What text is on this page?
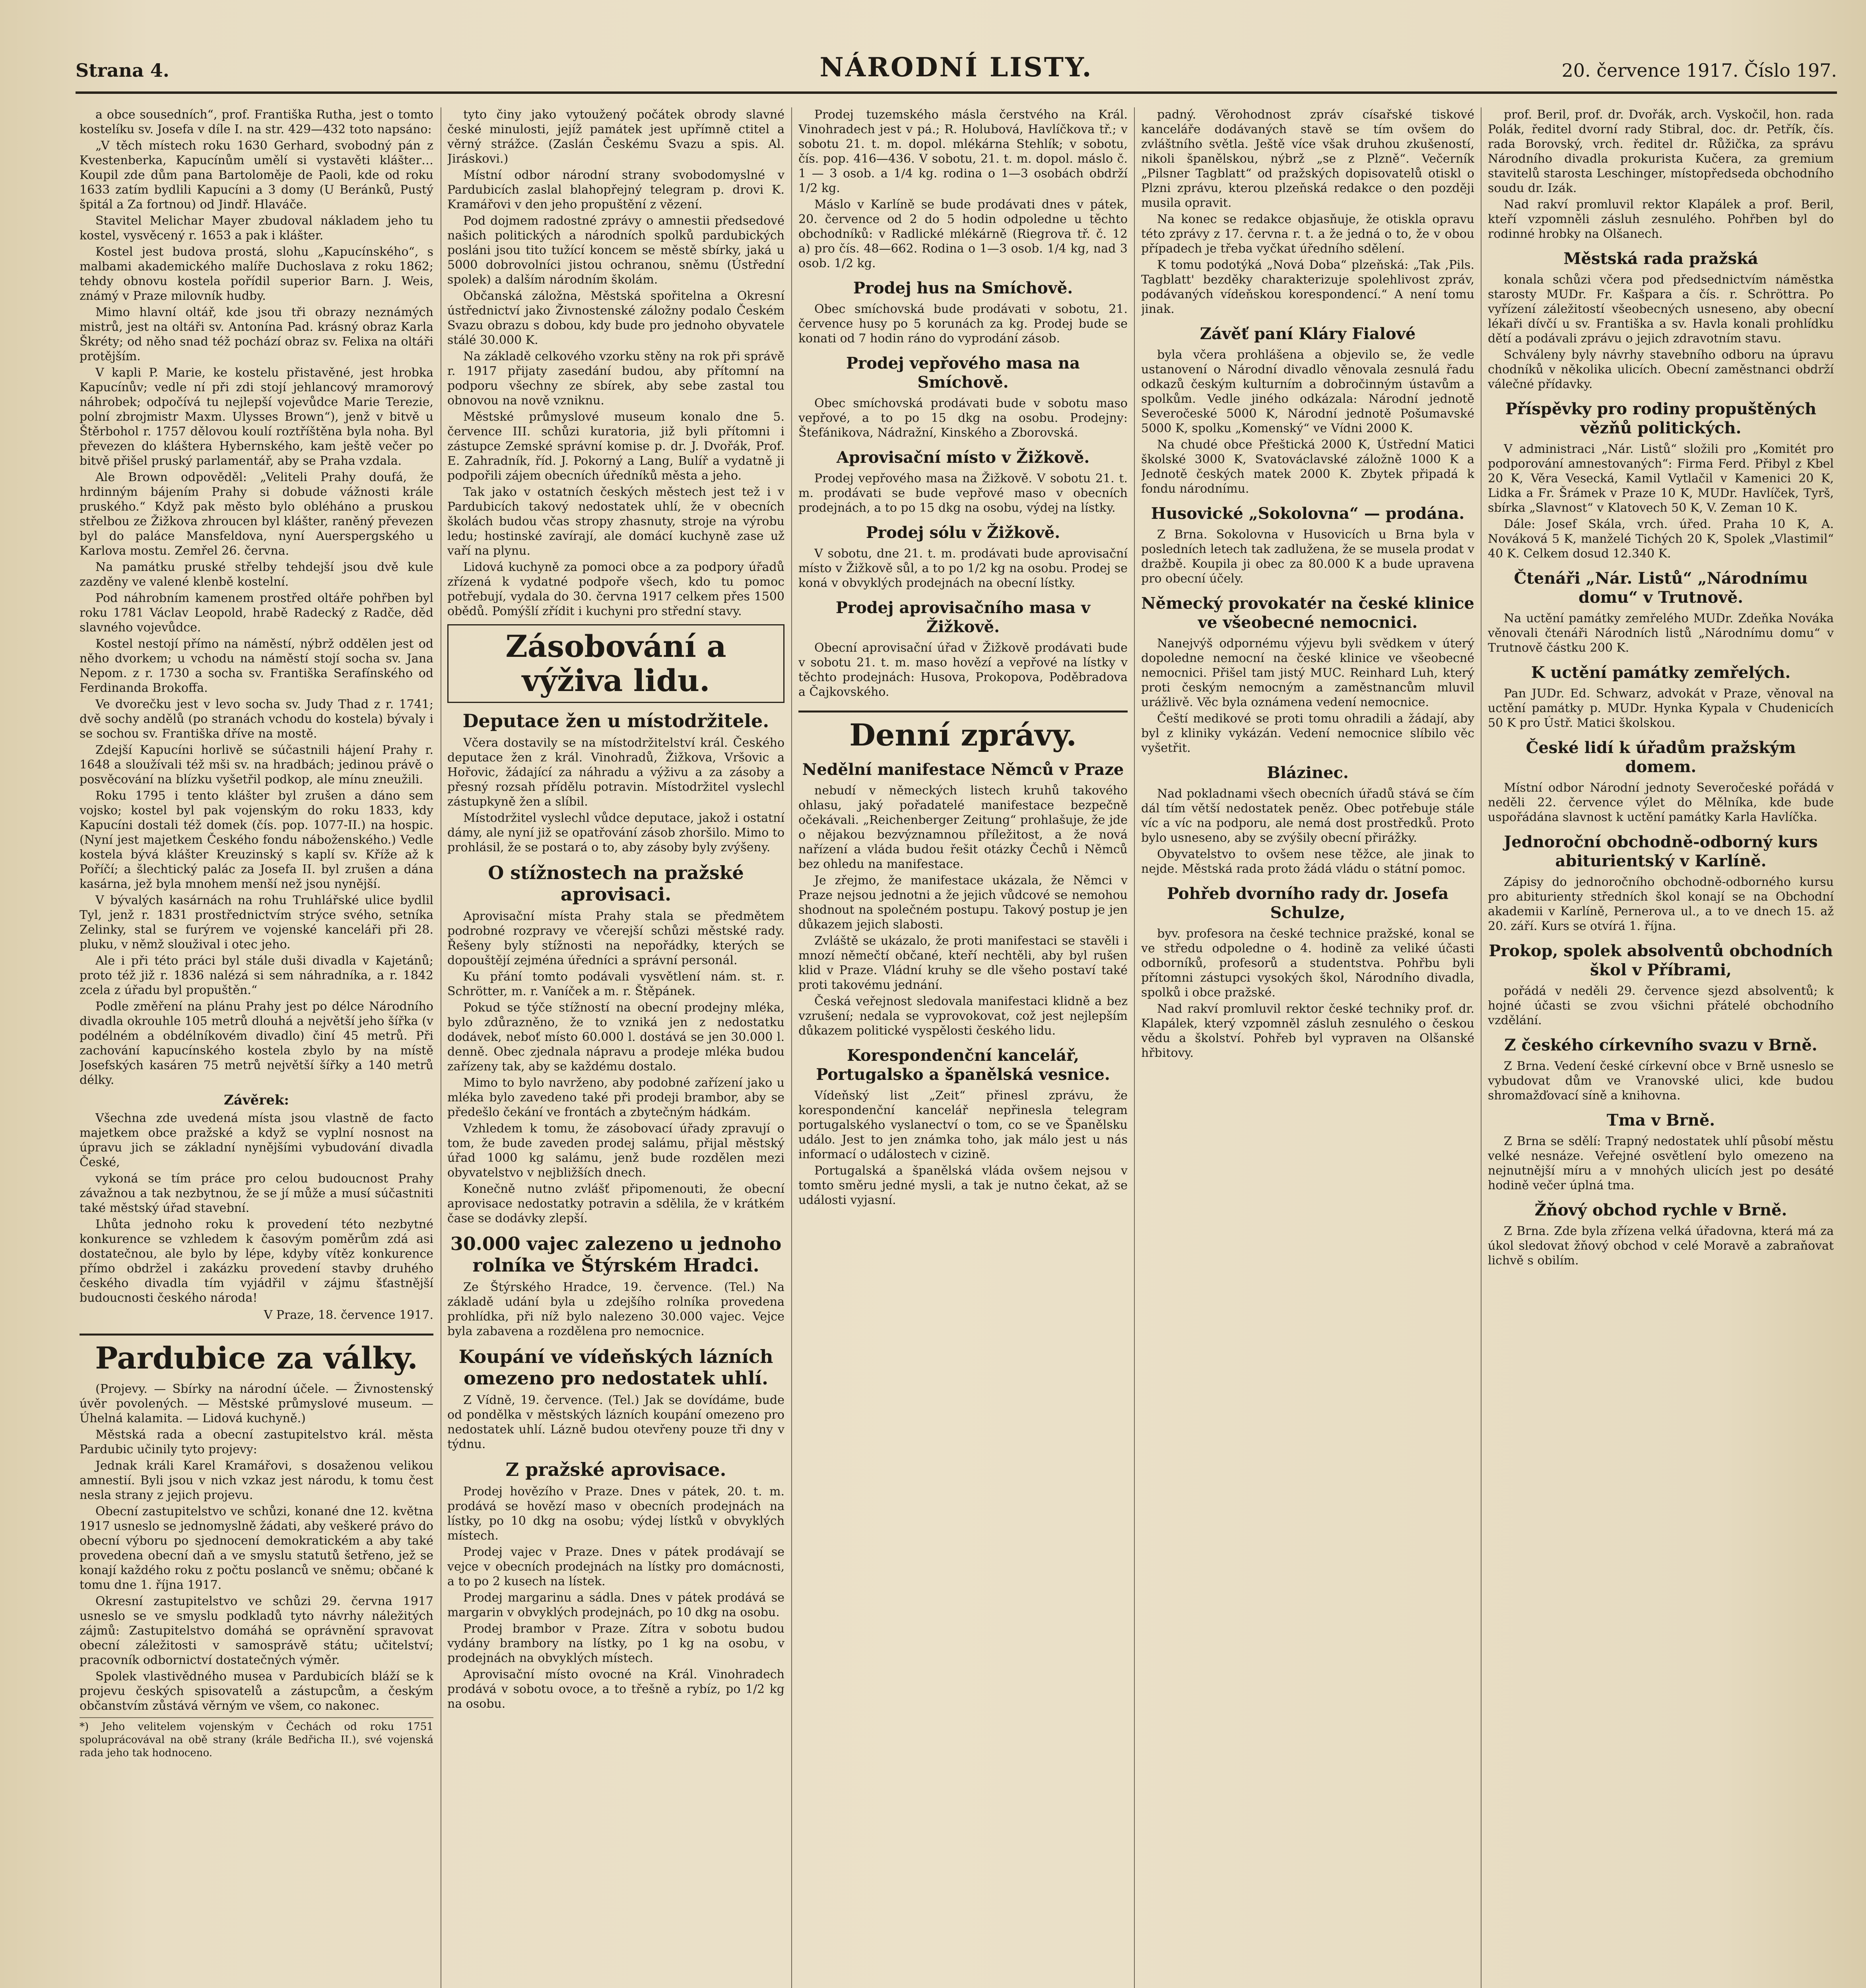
Strana 4.	NÁRODNÍ LISTY.	20. července 1917. Číslo 197.

a obce sousedních“, prof. Františka Rutha, jest o tomto kostelíku sv. Josefa v díle I. na str. 429—432 toto napsáno:

„V těch místech roku 1630 Gerhard, svobodný pán z Kvestenberka, Kapucínům umělí si vystavěti klášter… Koupil zde dům pana Bartoloměje de Paoli, kde od roku 1633 zatím bydlili Kapucíni a 3 domy (U Beránků, Pustý špitál a Za fortnou) od Jindř. Hlaváče.

Stavitel Melichar Mayer zbudoval nákladem jeho tu kostel, vysvěcený r. 1653 a pak i klášter.

Kostel jest budova prostá, slohu „Kapucínského“, s malbami akademického malíře Duchoslava z roku 1862; tehdy obnovu kostela pořídil superior Barn. J. Weis, známý v Praze milovník hudby.

Mimo hlavní oltář, kde jsou tři obrazy neznámých mistrů, jest na oltáři sv. Antonína Pad. krásný obraz Karla Škréty; od něho snad též pochází obraz sv. Felixa na oltáři protějším.

V kapli P. Marie, ke kostelu přistavěné, jest hrobka Kapucínův; vedle ní při zdi stojí jehlancový mramorový náhrobek; odpočívá tu nejlepší vojevůdce Marie Terezie, polní zbrojmistr Maxm. Ulysses Brown“), jenž v bitvě u Štěrbohol r. 1757 dělovou koulí roztříštěna byla noha. Byl převezen do kláštera Hybernského, kam ještě večer po bitvě přišel pruský parlamentář, aby se Praha vzdala.

Ale Brown odpověděl: „Veliteli Prahy doufá, že hrdinným bájením Prahy si dobude vážnosti krále pruského.“ Když pak město bylo obléháno a pruskou střelbou ze Žižkova zhroucen byl klášter, raněný převezen byl do paláce Mansfeldova, nyní Auerspergského u Karlova mostu. Zemřel 26. června.

Na památku pruské střelby tehdejší jsou dvě kule zazděny ve valené klenbě kostelní.

Pod náhrobním kamenem prostřed oltáře pohřben byl roku 1781 Václav Leopold, hrabě Radecký z Radče, děd slavného vojevůdce.

Kostel nestojí přímo na náměstí, nýbrž oddělen jest od něho dvorkem; u vchodu na náměstí stojí socha sv. Jana Nepom. z r. 1730 a socha sv. Františka Serafínského od Ferdinanda Brokoffa.

Ve dvorečku jest v levo socha sv. Judy Thad z r. 1741; dvě sochy andělů (po stranách vchodu do kostela) bývaly i se sochou sv. Františka dříve na mostě.

Zdejší Kapucíni horlivě se súčastnili hájení Prahy r. 1648 a sloužívali též mši sv. na hradbách; jedinou právě o posvěcování na blízku vyšetřil podkop, ale mínu zneužili.

Roku 1795 i tento klášter byl zrušen a dáno sem vojsko; kostel byl pak vojenským do roku 1833, kdy Kapucíni dostali též domek (čís. pop. 1077-II.) na hospic. (Nyní jest majetkem Českého fondu náboženského.) Vedle kostela bývá klášter Kreuzinský s kaplí sv. Kříže až k Poříčí; a šlechtický palác za Josefa II. byl zrušen a dána kasárna, jež byla mnohem menší než jsou nynější.

V bývalých kasárnách na rohu Truhlářské ulice bydlil Tyl, jenž r. 1831 prostřednictvím strýce svého, setníka Zelinky, stal se furýrem ve vojenské kanceláři při 28. pluku, v němž sloužival i otec jeho.

Ale i při této práci byl stále duši divadla v Kajetánů; proto též již r. 1836 nalézá si sem náhradníka, a r. 1842 zcela z úřadu byl propuštěn.“

Podle změření na plánu Prahy jest po délce Národního divadla okrouhle 105 metrů dlouhá a největší jeho šířka (v podélném a obdélníkovém divadlo) činí 45 metrů. Při zachování kapucínského kostela zbylo by na místě Josefských kasáren 75 metrů největší šířky a 140 metrů délky.

Závěrek:

Všechna zde uvedená místa jsou vlastně de facto majetkem obce pražské a když se vyplní nosnost na úpravu jich se základní nynějšími vybudování divadla České,

vykoná se tím práce pro celou budoucnost Prahy závažnou a tak nezbytnou, že se jí může a musí súčastniti také městský úřad stavební.

Lhůta jednoho roku k provedení této nezbytné konkurence se vzhledem k časovým poměrům zdá asi dostatečnou, ale bylo by lépe, kdyby vítěz konkurence přímo obdržel i zakázku provedení stavby druhého českého divadla tím vyjádřil v zájmu šťastnější budoucnosti českého národa!

V Praze, 18. července 1917.
Pardubice za války.

(Projevy. — Sbírky na národní účele. — Živnostenský úvěr povolených. — Městské průmyslové museum. — Úhelná kalamita. — Lidová kuchyně.)

Městská rada a obecní zastupitelstvo král. města Pardubic učinily tyto projevy:

Jednak králi Karel Kramářovi, s dosaženou velikou amnestií. Byli jsou v nich vzkaz jest národu, k tomu čest nesla strany z jejich projevu.

Obecní zastupitelstvo ve schůzi, konané dne 12. května 1917 usneslo se jednomyslně žádati, aby veškeré právo do obecní výboru po sjednocení demokratickém a aby také provedena obecní daň a ve smyslu statutů šetřeno, jež se konají každého roku z počtu poslanců ve sněmu; občané k tomu dne 1. října 1917.

Okresní zastupitelstvo ve schůzi 29. června 1917 usneslo se ve smyslu podkladů tyto návrhy náležitých zájmů: Zastupitelstvo domáhá se oprávnění spravovat obecní záležitosti v samosprávě státu; učitelství; pracovník odbornictví dostatečných výměr.

Spolek vlastivědného musea v Pardubicích bláží se k projevu českých spisovatelů a zástupcům, a českým občanstvím zůstává věrným ve všem, co nakonec.

*) Jeho velitelem vojenským v Čechách od roku 1751 spoluprácovával na obě strany (krále Bedřicha II.), své vojenská rada jeho tak hodnoceno.

tyto činy jako vytoužený počátek obrody slavné české minulosti, jejíž památek jest upřímně ctitel a věrný strážce. (Zaslán Českému Svazu a spis. Al. Jiráskovi.)

Místní odbor národní strany svobodomyslné v Pardubicích zaslal blahopřejný telegram p. drovi K. Kramářovi v den jeho propuštění z vězení.

Pod dojmem radostné zprávy o amnestii předsedové našich politických a národních spolků pardubických posláni jsou tito tužící koncem se městě sbírky, jaká u 5000 dobrovolníci jistou ochranou, sněmu (Ústřední spolek) a dalším národním školám.

Občanská záložna, Městská spořitelna a Okresní ústřednictví jako Živnostenské záložny podalo Českém Svazu obrazu s dobou, kdy bude pro jednoho obyvatele stálé 30.000 K.

Na základě celkového vzorku stěny na rok při správě r. 1917 přijaty zasedání budou, aby přítomní na podporu všechny ze sbírek, aby sebe zastal tou obnovou na nově vzniknu.

Městské průmyslové museum konalo dne 5. července III. schůzi kuratoria, již byli přítomni i zástupce Zemské správní komise p. dr. J. Dvořák, Prof. E. Zahradník, říd. J. Pokorný a Lang, Bulíř a vydatně ji podpořili zájem obecních úředníků města a jeho.

Tak jako v ostatních českých městech jest tež i v Pardubicích takový nedostatek uhlí, že v obecních školách budou včas stropy zhasnuty, stroje na výrobu ledu; hostinské zavírají, ale domácí kuchyně zase už vaří na plynu.

Lidová kuchyně za pomoci obce a za podpory úřadů zřízená k vydatné podpoře všech, kdo tu pomoc potřebují, vydala do 30. června 1917 celkem přes 1500 obědů. Pomýšlí zřídit i kuchyni pro střední stavy.

Zásobování a výživa lidu.
Deputace žen u místodržitele.

Včera dostavily se na místodržitelství král. Českého deputace žen z král. Vinohradů, Žižkova, Vršovic a Hořovic, žádající za náhradu a výživu a za zásoby a přesný rozsah přídělu potravin. Místodržitel vyslechl zástupkyně žen a slíbil.

Místodržitel vyslechl vůdce deputace, jakož i ostatní dámy, ale nyní již se opatřování zásob zhoršilo. Mimo to prohlásil, že se postará o to, aby zásoby byly zvýšeny.

O stížnostech na pražské aprovisaci.

Aprovisační místa Prahy stala se předmětem podrobné rozpravy ve včerejší schůzi městské rady. Řešeny byly stížnosti na nepořádky, kterých se dopouštějí zejména úředníci a správní personál.

Ku přání tomto podávali vysvětlení nám. st. r. Schrötter, m. r. Vaníček a m. r. Štěpánek.

Pokud se týče stížností na obecní prodejny mléka, bylo zdůrazněno, že to vzniká jen z nedostatku dodávek, neboť místo 60.000 l. dostává se jen 30.000 l. denně. Obec zjednala nápravu a prodeje mléka budou zařízeny tak, aby se každému dostalo.

Mimo to bylo navrženo, aby podobné zařízení jako u mléka bylo zavedeno také při prodeji brambor, aby se předešlo čekání ve frontách a zbytečným hádkám.

Vzhledem k tomu, že zásobovací úřady zpravují o tom, že bude zaveden prodej salámu, přijal městský úřad 1000 kg salámu, jenž bude rozdělen mezi obyvatelstvo v nejbližších dnech.

Konečně nutno zvlášť připomenouti, že obecní aprovisace nedostatky potravin a sdělila, že v krátkém čase se dodávky zlepší.

30.000 vajec zalezeno u jednoho rolníka ve Štýrském Hradci.

Ze Štýrského Hradce, 19. července. (Tel.) Na základě udání byla u zdejšího rolníka provedena prohlídka, při níž bylo nalezeno 30.000 vajec. Vejce byla zabavena a rozdělena pro nemocnice.

Koupání ve vídeňských lázních omezeno pro nedostatek uhlí.

Z Vídně, 19. července. (Tel.) Jak se dovídáme, bude od pondělka v městských lázních koupání omezeno pro nedostatek uhlí. Lázně budou otevřeny pouze tři dny v týdnu.

Z pražské aprovisace.

Prodej hovězího v Praze. Dnes v pátek, 20. t. m. prodává se hovězí maso v obecních prodejnách na lístky, po 10 dkg na osobu; výdej lístků v obvyklých místech.

Prodej vajec v Praze. Dnes v pátek prodávají se vejce v obecních prodejnách na lístky pro domácnosti, a to po 2 kusech na lístek.

Prodej margarinu a sádla. Dnes v pátek prodává se margarin v obvyklých prodejnách, po 10 dkg na osobu.

Prodej brambor v Praze. Zítra v sobotu budou vydány brambory na lístky, po 1 kg na osobu, v prodejnách na obvyklých místech.

Aprovisační místo ovocné na Král. Vinohradech prodává v sobotu ovoce, a to třešně a rybíz, po 1/2 kg na osobu.

Prodej tuzemského másla čerstvého na Král. Vinohradech jest v pá.; R. Holubová, Havlíčkova tř.; v sobotu 21. t. m. dopol. mlékárna Stehlík; v sobotu, čís. pop. 416—436. V sobotu, 21. t. m. dopol. máslo č. 1 — 3 osob. a 1/4 kg. rodina o 1—3 osobách obdrží 1/2 kg.

Máslo v Karlíně se bude prodávati dnes v pátek, 20. července od 2 do 5 hodin odpoledne u těchto obchodníků: v Radlické mlékárně (Riegrova tř. č. 12 a) pro čís. 48—662. Rodina o 1—3 osob. 1/4 kg, nad 3 osob. 1/2 kg.

Prodej hus na Smíchově.

Obec smíchovská bude prodávati v sobotu, 21. července husy po 5 korunách za kg. Prodej bude se konati od 7 hodin ráno do vyprodání zásob.

Prodej vepřového masa na Smíchově.

Obec smíchovská prodávati bude v sobotu maso vepřové, a to po 15 dkg na osobu. Prodejny: Štefánikova, Nádražní, Kinského a Zborovská.

Aprovisační místo v Žižkově.

Prodej vepřového masa na Žižkově. V sobotu 21. t. m. prodávati se bude vepřové maso v obecních prodejnách, a to po 15 dkg na osobu, výdej na lístky.

Prodej sólu v Žižkově.

V sobotu, dne 21. t. m. prodávati bude aprovisační místo v Žižkově sůl, a to po 1/2 kg na osobu. Prodej se koná v obvyklých prodejnách na obecní lístky.

Prodej aprovisačního masa v Žižkově.

Obecní aprovisační úřad v Žižkově prodávati bude v sobotu 21. t. m. maso hovězí a vepřové na lístky v těchto prodejnách: Husova, Prokopova, Poděbradova a Čajkovského.

Denní zprávy.
Nedělní manifestace Němců v Praze

nebudí v německých listech kruhů takového ohlasu, jaký pořadatelé manifestace bezpečně očekávali. „Reichenberger Zeitung“ prohlašuje, že jde o nějakou bezvýznamnou příležitost, a že nová nařízení a vláda budou řešit otázky Čechů i Němců bez ohledu na manifestace.

Je zřejmo, že manifestace ukázala, že Němci v Praze nejsou jednotni a že jejich vůdcové se nemohou shodnout na společném postupu. Takový postup je jen důkazem jejich slabosti.

Zvláště se ukázalo, že proti manifestaci se stavěli i mnozí němečtí občané, kteří nechtěli, aby byl rušen klid v Praze. Vládní kruhy se dle všeho postaví také proti takovému jednání.

Česká veřejnost sledovala manifestaci klidně a bez vzrušení; nedala se vyprovokovat, což jest nejlepším důkazem politické vyspělosti českého lidu.

Korespondenční kancelář, Portugalsko a španělská vesnice.

Vídeňský list „Zeit“ přinesl zprávu, že korespondenční kancelář nepřinesla telegram portugalského vyslanectví o tom, co se ve Španělsku událo. Jest to jen známka toho, jak málo jest u nás informací o událostech v cizině.

Portugalská a španělská vláda ovšem nejsou v tomto směru jedné mysli, a tak je nutno čekat, až se události vyjasní.

padný. Věrohodnost zpráv císařské tiskové kanceláře dodávaných stavě se tím ovšem do zvláštního světla. Ještě více však druhou zkušeností, nikoli španělskou, nýbrž „se z Plzně“. Večerník „Pilsner Tagblatt“ od pražských dopisovatelů otiskl o Plzni zprávu, kterou plzeňská redakce o den později musila opravit.

Na konec se redakce objasňuje, že otiskla opravu této zprávy z 17. června r. t. a že jedná o to, že v obou případech je třeba vyčkat úředního sdělení.

K tomu podotýká „Nová Doba“ plzeňská: „Tak ,Pils. Tagblatt' bezděky charakterizuje spolehlivost zpráv, podávaných vídeňskou korespondencí.“ A není tomu jinak.

Závěť paní Kláry Fialové

byla včera prohlášena a objevilo se, že vedle ustanovení o Národní divadlo věnovala zesnulá řadu odkazů českým kulturním a dobročinným ústavům a spolkům. Vedle jiného odkázala: Národní jednotě Severočeské 5000 K, Národní jednotě Pošumavské 5000 K, spolku „Komenský“ ve Vídni 2000 K.

Na chudé obce Přeštická 2000 K, Ústřední Matici školské 3000 K, Svatováclavské záložně 1000 K a Jednotě českých matek 2000 K. Zbytek připadá k fondu národnímu.

Husovické „Sokolovna“ — prodána.

Z Brna. Sokolovna v Husovicích u Brna byla v posledních letech tak zadlužena, že se musela prodat v dražbě. Koupila ji obec za 80.000 K a bude upravena pro obecní účely.

Německý provokatér na české klinice ve všeobecné nemocnici.

Nanejvýš odpornému výjevu byli svědkem v úterý dopoledne nemocní na české klinice ve všeobecné nemocnici. Přišel tam jistý MUC. Reinhard Luh, který proti českým nemocným a zaměstnancům mluvil urážlivě. Věc byla oznámena vedení nemocnice.

Čeští medikové se proti tomu ohradili a žádají, aby byl z kliniky vykázán. Vedení nemocnice slíbilo věc vyšetřit.

Blázinec.

Nad pokladnami všech obecních úřadů stává se čím dál tím větší nedostatek peněz. Obec potřebuje stále víc a víc na podporu, ale nemá dost prostředků. Proto bylo usneseno, aby se zvýšily obecní přirážky.

Obyvatelstvo to ovšem nese těžce, ale jinak to nejde. Městská rada proto žádá vládu o státní pomoc.

Pohřeb dvorního rady dr. Josefa Schulze,

byv. profesora na české technice pražské, konal se ve středu odpoledne o 4. hodině za veliké účasti odborníků, profesorů a studentstva. Pohřbu byli přítomni zástupci vysokých škol, Národního divadla, spolků i obce pražské.

Nad rakví promluvil rektor české techniky prof. dr. Klapálek, který vzpomněl zásluh zesnulého o českou vědu a školství. Pohřeb byl vypraven na Olšanské hřbitovy.

prof. Beril, prof. dr. Dvořák, arch. Vyskočil, hon. rada Polák, ředitel dvorní rady Stibral, doc. dr. Petřík, čís. rada Borovský, vrch. ředitel dr. Růžička, za správu Národního divadla prokurista Kučera, za gremium stavitelů starosta Leschinger, místopředseda obchodního soudu dr. Izák.

Nad rakví promluvil rektor Klapálek a prof. Beril, kteří vzpomněli zásluh zesnulého. Pohřben byl do rodinné hrobky na Olšanech.

Městská rada pražská

konala schůzi včera pod předsednictvím náměstka starosty MUDr. Fr. Kašpara a čís. r. Schröttra. Po vyřízení záležitostí všeobecných usneseno, aby obecní lékaři dívčí u sv. Františka a sv. Havla konali prohlídku dětí a podávali zprávu o jejich zdravotním stavu.

Schváleny byly návrhy stavebního odboru na úpravu chodníků v několika ulicích. Obecní zaměstnanci obdrží válečné přídavky.

Příspěvky pro rodiny propuštěných vězňů politických.

V administraci „Nár. Listů“ složili pro „Komitét pro podporování amnestovaných“: Firma Ferd. Přibyl z Kbel 20 K, Věra Vesecká, Kamil Vytlačil v Kamenici 20 K, Lidka a Fr. Šrámek v Praze 10 K, MUDr. Havlíček, Tyrš, sbírka „Slavnost“ v Klatovech 50 K, V. Zeman 10 K.

Dále: Josef Skála, vrch. úřed. Praha 10 K, A. Nováková 5 K, manželé Tichých 20 K, Spolek „Vlastimil“ 40 K. Celkem dosud 12.340 K.

Čtenáři „Nár. Listů“ „Národnímu domu“ v Trutnově.

Na uctění památky zemřelého MUDr. Zdeňka Nováka věnovali čtenáři Národních listů „Národnímu domu“ v Trutnově částku 200 K.

K uctění památky zemřelých.

Pan JUDr. Ed. Schwarz, advokát v Praze, věnoval na uctění památky p. MUDr. Hynka Kypala v Chudenicích 50 K pro Ústř. Matici školskou.

České lidí k úřadům pražským domem.

Místní odbor Národní jednoty Severočeské pořádá v neděli 22. července výlet do Mělníka, kde bude uspořádána slavnost k uctění památky Karla Havlíčka.

Jednoroční obchodně-odborný kurs abiturientský v Karlíně.

Zápisy do jednoročního obchodně-odborného kursu pro abiturienty středních škol konají se na Obchodní akademii v Karlíně, Pernerova ul., a to ve dnech 15. až 20. září. Kurs se otvírá 1. října.

Prokop, spolek absolventů obchodních škol v Příbrami,

pořádá v neděli 29. července sjezd absolventů; k hojné účasti se zvou všichni přátelé obchodního vzdělání.

Z českého církevního svazu v Brně.

Z Brna. Vedení české církevní obce v Brně usneslo se vybudovat dům ve Vranovské ulici, kde budou shromažďovací síně a knihovna.

Tma v Brně.

Z Brna se sdělí: Trapný nedostatek uhlí působí městu velké nesnáze. Veřejné osvětlení bylo omezeno na nejnutnější míru a v mnohých ulicích jest po desáté hodině večer úplná tma.

Žňový obchod rychle v Brně.

Z Brna. Zde byla zřízena velká úřadovna, která má za úkol sledovat žňový obchod v celé Moravě a zabraňovat lichvě s obilím.
